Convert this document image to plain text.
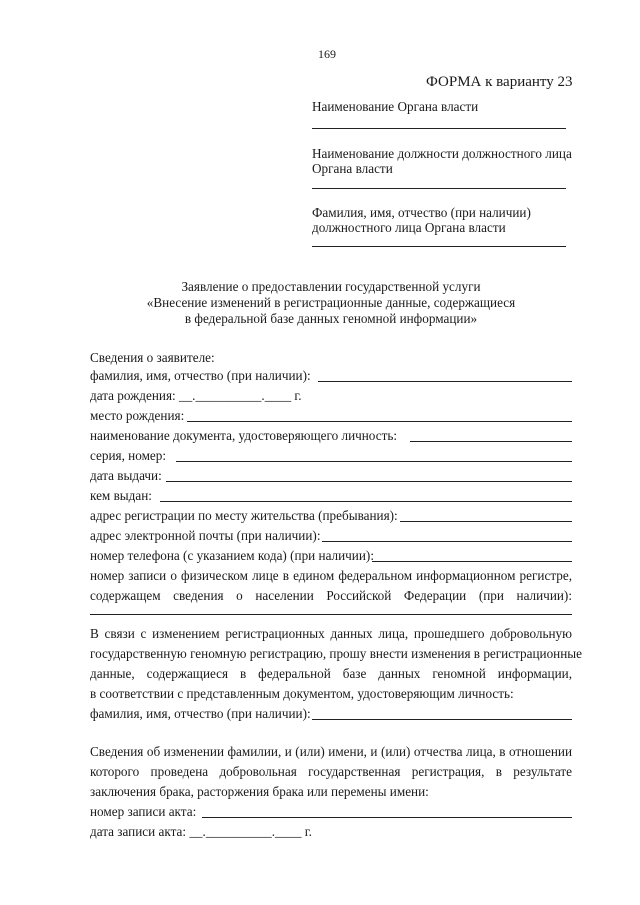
169
ФОРМА к варианту 23
Наименование Органа власти
Наименование должности должностного лица
Органа власти
Фамилия, имя, отчество (при наличии)
должностного лица Органа власти
Заявление о предоставлении государственной услуги
«Внесение изменений в регистрационные данные, содержащиеся
в федеральной базе данных геномной информации»
Сведения о заявителе:
фамилия, имя, отчество (при наличии):
дата рождения: __.__________.____ г.
место рождения:
наименование документа, удостоверяющего личность:
серия, номер:
дата выдачи:
кем выдан:
адрес регистрации по месту жительства (пребывания):
адрес электронной почты (при наличии):
номер телефона (с указанием кода) (при наличии):
номер записи о физическом лице в едином федеральном информационном регистре,
содержащем сведения о населении Российской Федерации (при наличии):
В связи с изменением регистрационных данных лица, прошедшего добровольную
государственную геномную регистрацию, прошу внести изменения в регистрационные
данные, содержащиеся в федеральной базе данных геномной информации,
в соответствии с представленным документом, удостоверяющим личность:
фамилия, имя, отчество (при наличии):
Сведения об изменении фамилии, и (или) имени, и (или) отчества лица, в отношении
которого проведена добровольная государственная регистрация, в результате
заключения брака, расторжения брака или перемены имени:
номер записи акта:
дата записи акта: __.__________.____ г.
